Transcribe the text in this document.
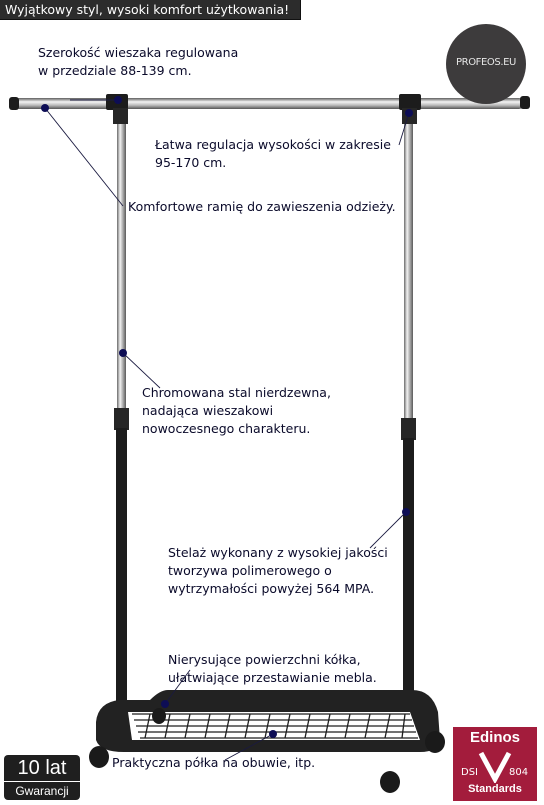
Wyjątkowy styl, wysoki komfort użytkowania!
Szerokość wieszaka regulowana
w przedziale 88-139 cm.
Łatwa regulacja wysokości w zakresie
95-170 cm.
Komfortowe ramię do zawieszenia odzieży.
Chromowana stal nierdzewna,
nadająca wieszakowi
nowoczesnego charakteru.
Stelaż wykonany z wysokiej jakości
tworzywa polimerowego o
wytrzymałości powyżej 564 MPA.
Nierysujące powierzchni kółka,
ułatwiające przestawianie mebla.
Praktyczna półka na obuwie, itp.
PROFEOS.EU
10 lat
Gwarancji
Edinos
DSI	804
Standards
